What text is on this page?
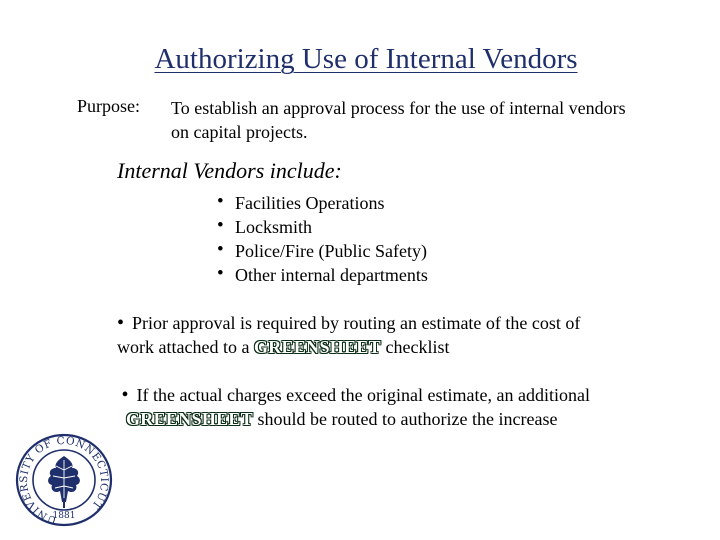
Authorizing Use of Internal Vendors
Purpose: To establish an approval process for the use of internal vendors on capital projects.
Internal Vendors include:
• Facilities Operations
• Locksmith
• Police/Fire (Public Safety)
• Other internal departments
• Prior approval is required by routing an estimate of the cost of
work attached to a GREENSHEET checklist
• If the actual charges exceed the original estimate, an additional
GREENSHEET should be routed to authorize the increase
UNIVERSITY OF CONNECTICUT
1881
